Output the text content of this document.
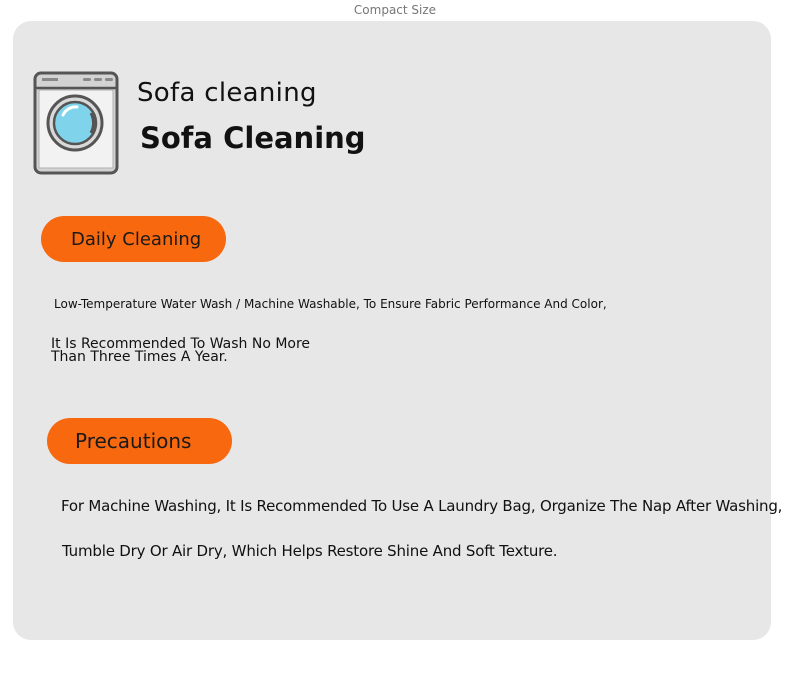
Compact Size
Sofa cleaning
Sofa Cleaning
Daily Cleaning
Low-Temperature Water Wash / Machine Washable, To Ensure Fabric Performance And Color,
It Is Recommended To Wash No More Than Three Times A Year.
Precautions
For Machine Washing, It Is Recommended To Use A Laundry Bag, Organize The Nap After Washing,
Tumble Dry Or Air Dry, Which Helps Restore Shine And Soft Texture.
